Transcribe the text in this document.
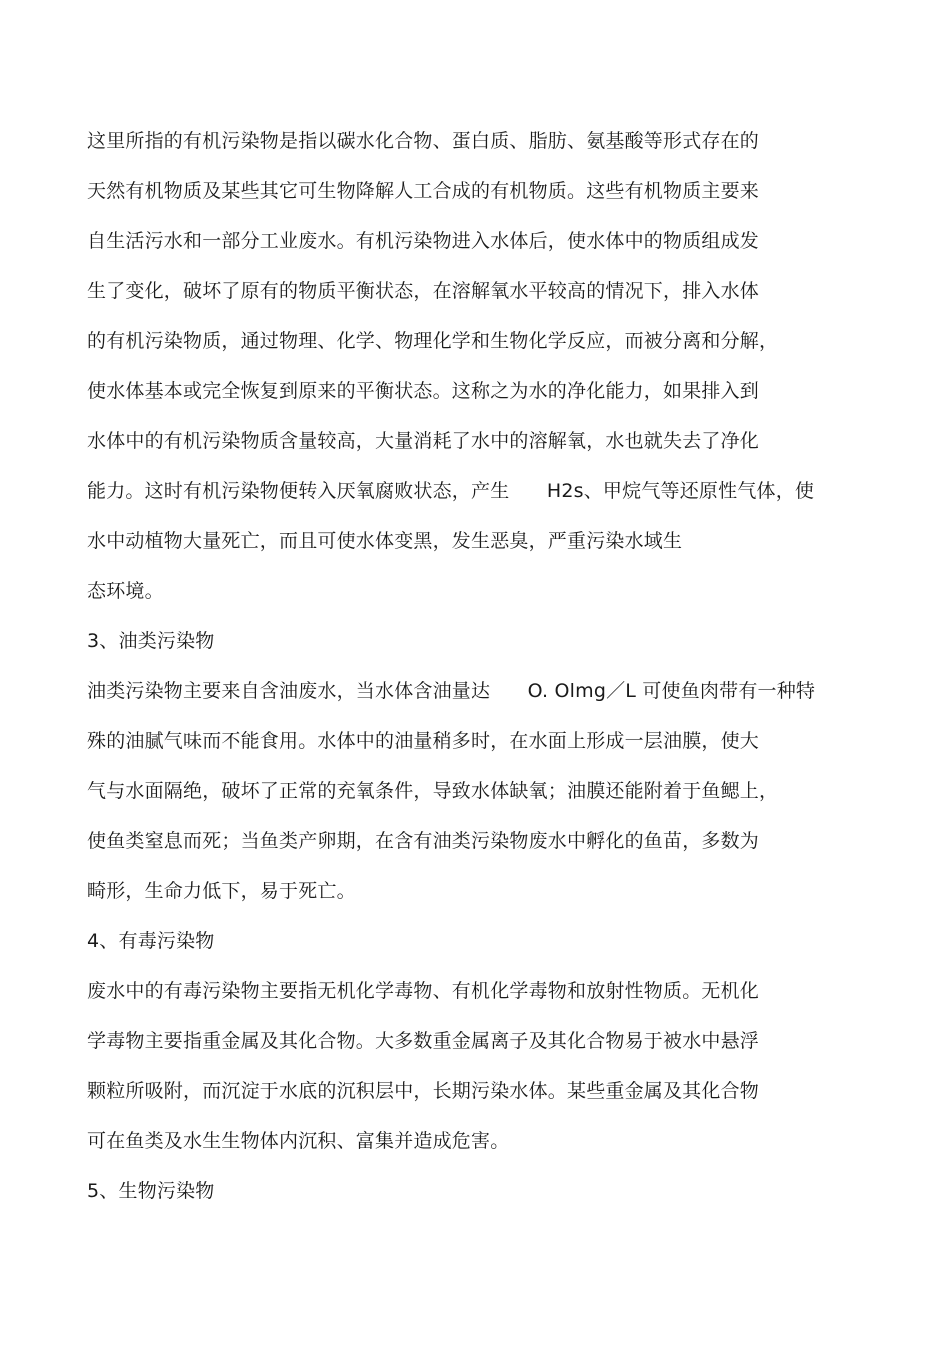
这里所指的有机污染物是指以碳水化合物、蛋白质、脂肪、氨基酸等形式存在的
天然有机物质及某些其它可生物降解人工合成的有机物质。这些有机物质主要来
自生活污水和一部分工业废水。有机污染物进入水体后，使水体中的物质组成发
生了变化，破坏了原有的物质平衡状态，在溶解氧水平较高的情况下，排入水体
的有机污染物质，通过物理、化学、物理化学和生物化学反应，而被分离和分解，
使水体基本或完全恢复到原来的平衡状态。这称之为水的净化能力，如果排入到
水体中的有机污染物质含量较高，大量消耗了水中的溶解氧，水也就失去了净化
能力。这时有机污染物便转入厌氧腐败状态，产生      H2s、甲烷气等还原性气体，使
水中动植物大量死亡，而且可使水体变黑，发生恶臭，严重污染水域生
态环境。
3、油类污染物
油类污染物主要来自含油废水，当水体含油量达      O. Olmg／L 可使鱼肉带有一种特
殊的油腻气味而不能食用。水体中的油量稍多时，在水面上形成一层油膜，使大
气与水面隔绝，破坏了正常的充氧条件，导致水体缺氧；油膜还能附着于鱼鳃上，
使鱼类窒息而死；当鱼类产卵期，在含有油类污染物废水中孵化的鱼苗，多数为
畸形，生命力低下，易于死亡。
4、有毒污染物
废水中的有毒污染物主要指无机化学毒物、有机化学毒物和放射性物质。无机化
学毒物主要指重金属及其化合物。大多数重金属离子及其化合物易于被水中悬浮
颗粒所吸附，而沉淀于水底的沉积层中，长期污染水体。某些重金属及其化合物
可在鱼类及水生生物体内沉积、富集并造成危害。
5、生物污染物
